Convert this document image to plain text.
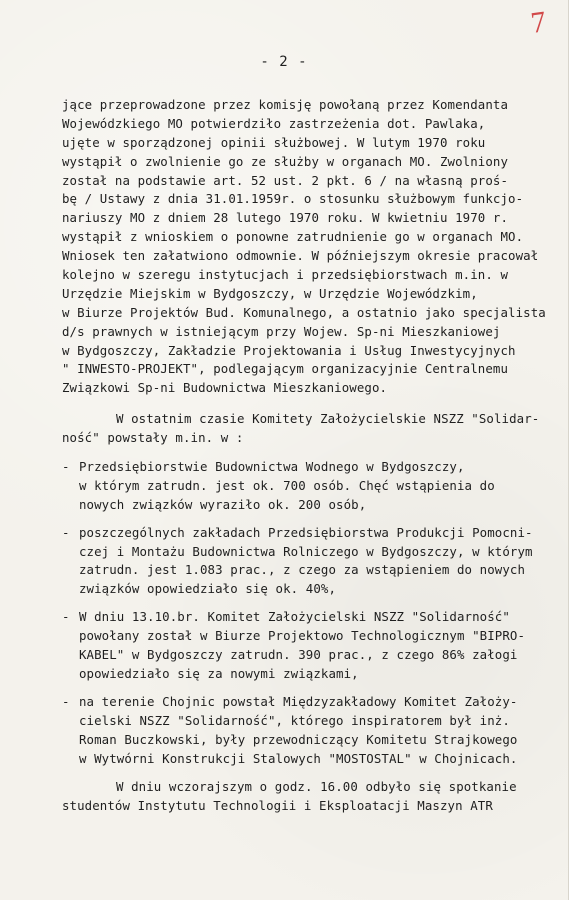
7
- 2 -
jące przeprowadzone przez komisję powołaną przez Komendanta
Wojewódzkiego MO potwierdziło zastrzeżenia dot. Pawlaka,
ujęte w sporządzonej opinii służbowej. W lutym 1970 roku
wystąpił o zwolnienie go ze służby w organach MO. Zwolniony
został na podstawie art. 52 ust. 2 pkt. 6 / na własną proś-
bę / Ustawy z dnia 31.01.1959r. o stosunku służbowym funkcjo-
nariuszy MO z dniem 28 lutego 1970 roku. W kwietniu 1970 r.
wystąpił z wnioskiem o ponowne zatrudnienie go w organach MO.
Wniosek ten załatwiono odmownie. W późniejszym okresie pracował
kolejno w szeregu instytucjach i przedsiębiorstwach m.in. w
Urzędzie Miejskim w Bydgoszczy, w Urzędzie Wojewódzkim,
w Biurze Projektów Bud. Komunalnego, a ostatnio jako specjalista
d/s prawnych w istniejącym przy Wojew. Sp-ni Mieszkaniowej
w Bydgoszczy, Zakładzie Projektowania i Usług Inwestycyjnych
" INWESTO-PROJEKT", podlegającym organizacyjnie Centralnemu
Związkowi Sp-ni Budownictwa Mieszkaniowego.
W ostatnim czasie Komitety Założycielskie NSZZ "Solidar-
ność" powstały m.in. w :
- Przedsiębiorstwie Budownictwa Wodnego w Bydgoszczy,
w którym zatrudn. jest ok. 700 osób. Chęć wstąpienia do
nowych związków wyraziło ok. 200 osób,
- poszczególnych zakładach Przedsiębiorstwa Produkcji Pomocni-
czej i Montażu Budownictwa Rolniczego w Bydgoszczy, w którym
zatrudn. jest 1.083 prac., z czego za wstąpieniem do nowych
związków opowiedziało się ok. 40%,
- W dniu 13.10.br. Komitet Założycielski NSZZ "Solidarność"
powołany został w Biurze Projektowo Technologicznym "BIPRO-
KABEL" w Bydgoszczy zatrudn. 390 prac., z czego 86% załogi
opowiedziało się za nowymi związkami,
- na terenie Chojnic powstał Międzyzakładowy Komitet Założy-
cielski NSZZ "Solidarność", którego inspiratorem był inż.
Roman Buczkowski, były przewodniczący Komitetu Strajkowego
w Wytwórni Konstrukcji Stalowych "MOSTOSTAL" w Chojnicach.
W dniu wczorajszym o godz. 16.00 odbyło się spotkanie
studentów Instytutu Technologii i Eksploatacji Maszyn ATR
